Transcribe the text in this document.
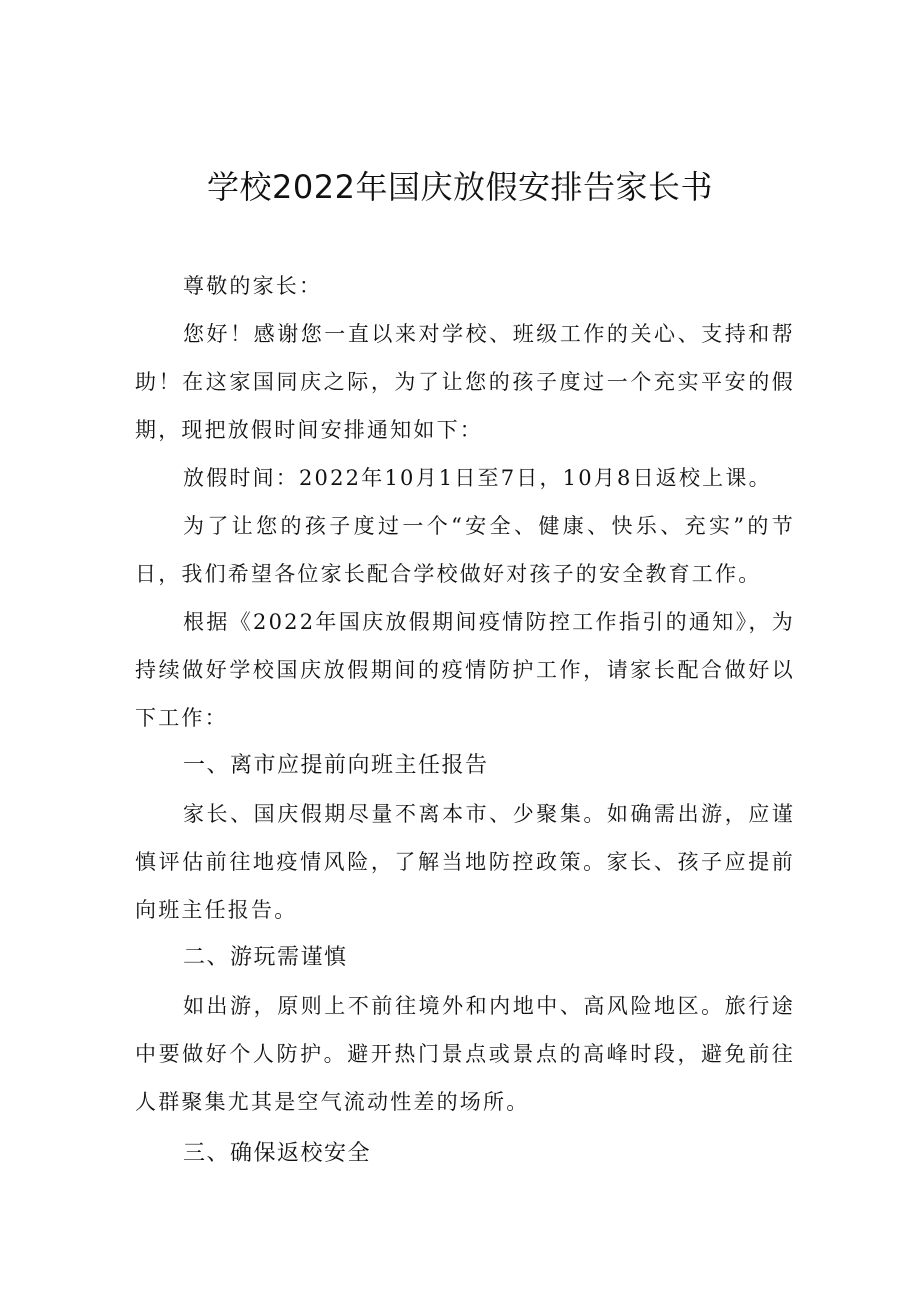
学校2022年国庆放假安排告家长书

尊敬的家长：

您好！感谢您一直以来对学校、班级工作的关心、支持和帮助！在这家国同庆之际，为了让您的孩子度过一个充实平安的假期，现把放假时间安排通知如下：

放假时间：2022年10月1日至7日，10月8日返校上课。

为了让您的孩子度过一个“安全、健康、快乐、充实”的节日，我们希望各位家长配合学校做好对孩子的安全教育工作。

根据《2022年国庆放假期间疫情防控工作指引的通知》，为持续做好学校国庆放假期间的疫情防护工作，请家长配合做好以下工作：

一、离市应提前向班主任报告

家长、国庆假期尽量不离本市、少聚集。如确需出游，应谨慎评估前往地疫情风险，了解当地防控政策。家长、孩子应提前向班主任报告。

二、游玩需谨慎

如出游，原则上不前往境外和内地中、高风险地区。旅行途中要做好个人防护。避开热门景点或景点的高峰时段，避免前往人群聚集尤其是空气流动性差的场所。

三、确保返校安全
